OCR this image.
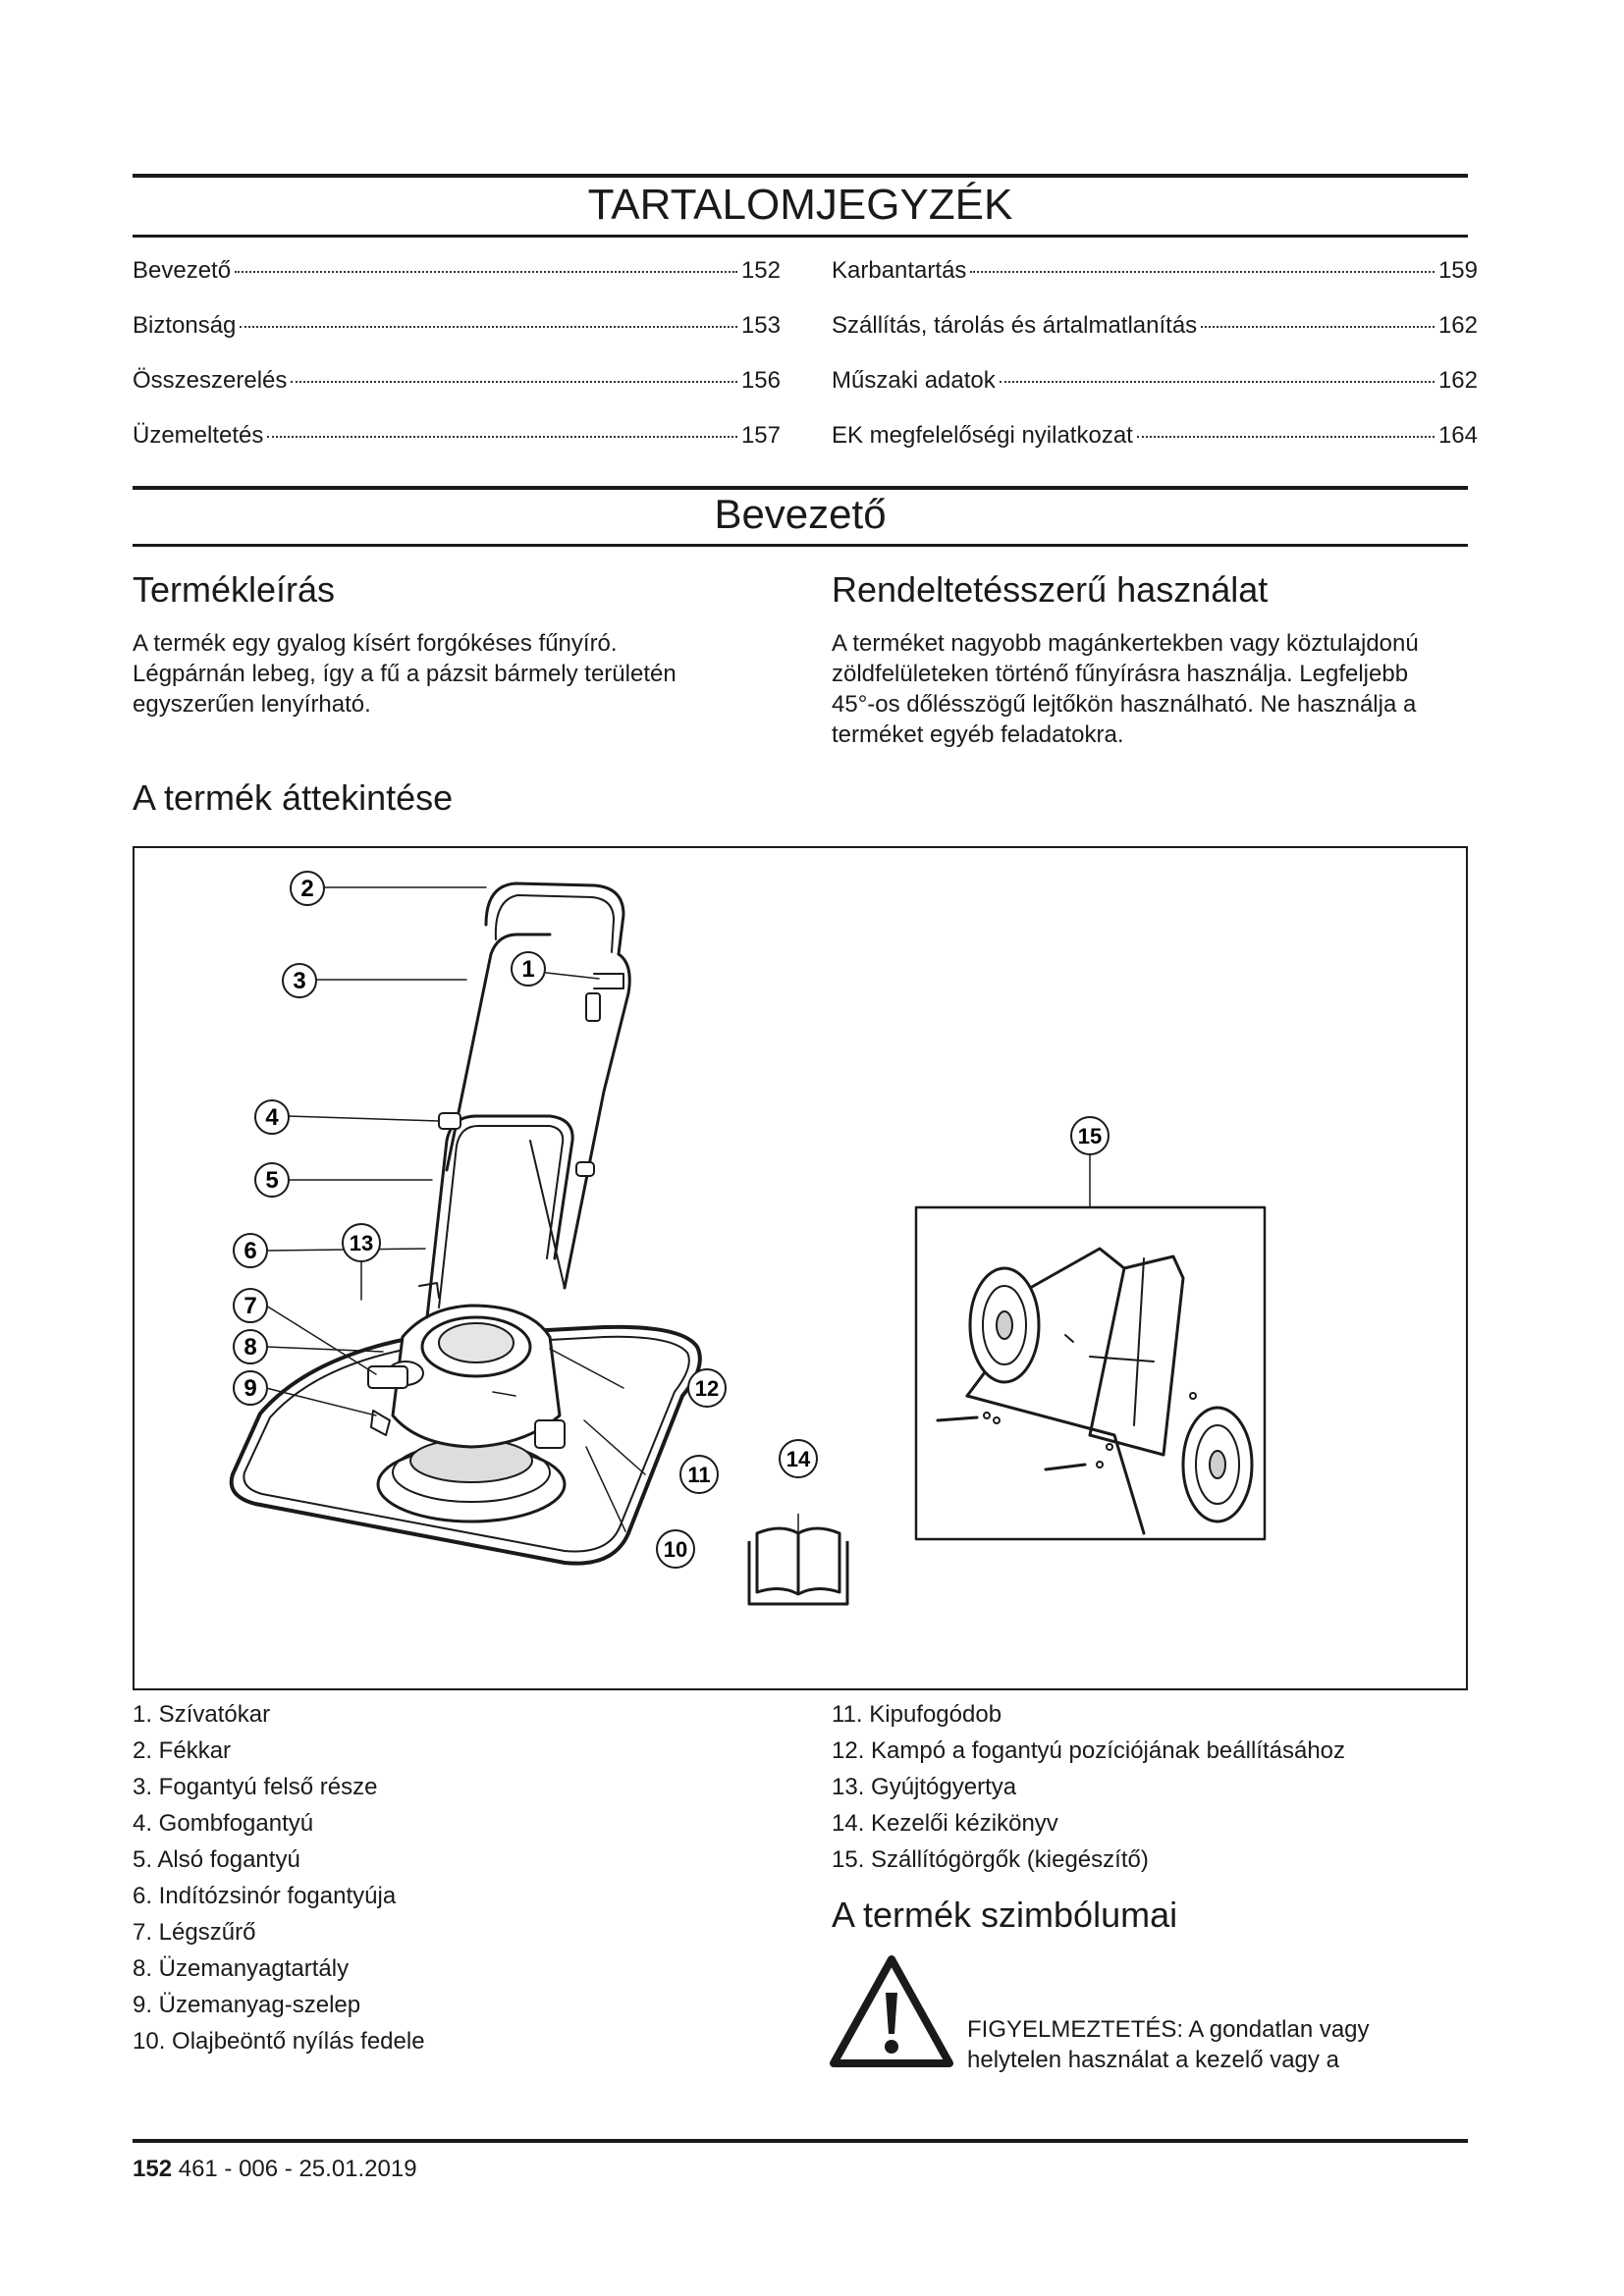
TARTALOMJEGYZÉK
Bevezető	152
Biztonság	153
Összeszerelés	156
Üzemeltetés	157
Karbantartás	159
Szállítás, tárolás és ártalmatlanítás	162
Műszaki adatok	162
EK megfelelőségi nyilatkozat	164
Bevezető
Termékleírás

A termék egy gyalog kísért forgókéses fűnyíró.
Légpárnán lebeg, így a fű a pázsit bármely területén
egyszerűen lenyírható.

Rendeltetésszerű használat

A terméket nagyobb magánkertekben vagy köztulajdonú
zöldfelületeken történő fűnyírásra használja. Legfeljebb
45°-os dőlésszögű lejtőkön használható. Ne használja a
terméket egyéb feladatokra.

A termék áttekintése
2
3	1
4
5
13
6
7
8
9	12
11
10
14
15
1. Szívatókar
2. Fékkar
3. Fogantyú felső része
4. Gombfogantyú
5. Alsó fogantyú
6. Indítózsinór fogantyúja
7. Légszűrő
8. Üzemanyagtartály
9. Üzemanyag-szelep
10. Olajbeöntő nyílás fedele
11. Kipufogódob
12. Kampó a fogantyú pozíciójának beállításához
13. Gyújtógyertya
14. Kezelői kézikönyv
15. Szállítógörgők (kiegészítő)
A termék szimbólumai

FIGYELMEZTETÉS: A gondatlan vagy
helytelen használat a kezelő vagy a

152 461 - 006 - 25.01.2019
